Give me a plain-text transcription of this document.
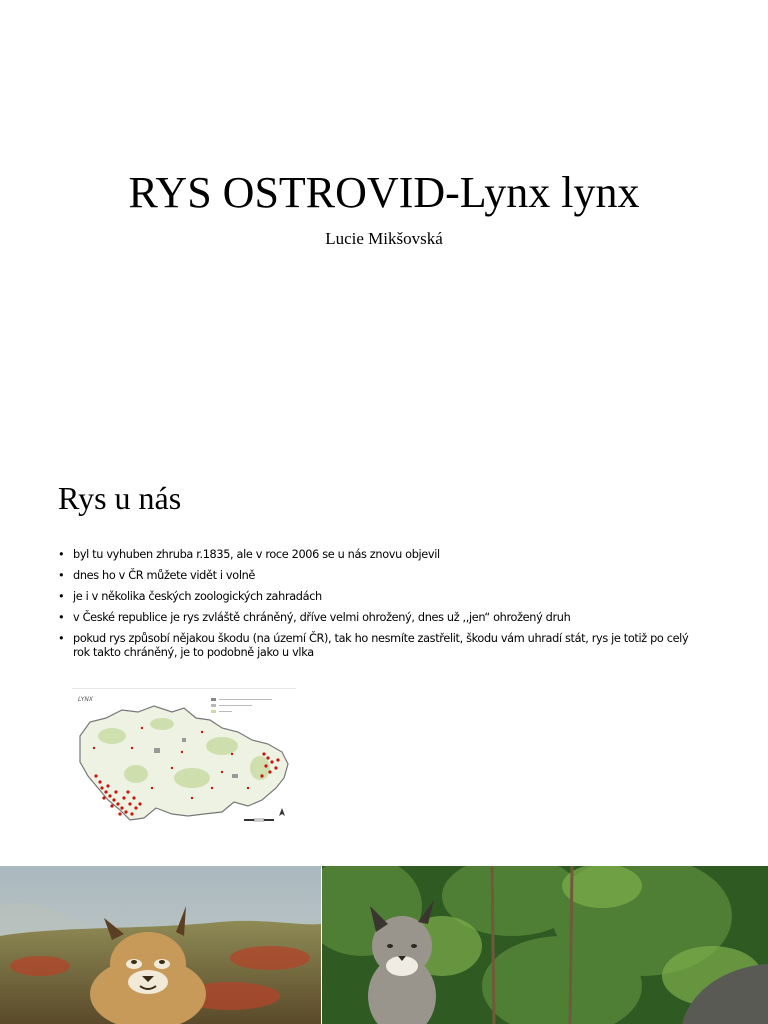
RYS OSTROVID-Lynx lynx
Lucie Mikšovská
Rys u nás
• byl tu vyhuben zhruba r.1835, ale v roce 2006 se u nás znovu objevil
• dnes ho v ČR můžete vidět i volně
• je i v několika českých zoologických zahradách
• v České republice je rys zvláště chráněný, dříve velmi ohrožený, dnes už ,,jen“ ohrožený druh
• pokud rys způsobí nějakou škodu (na území ČR), tak ho nesmíte zastřelit, škodu vám uhradí stát, rys je totiž po celý rok takto chráněný, je to podobně jako u vlka
LYNX
